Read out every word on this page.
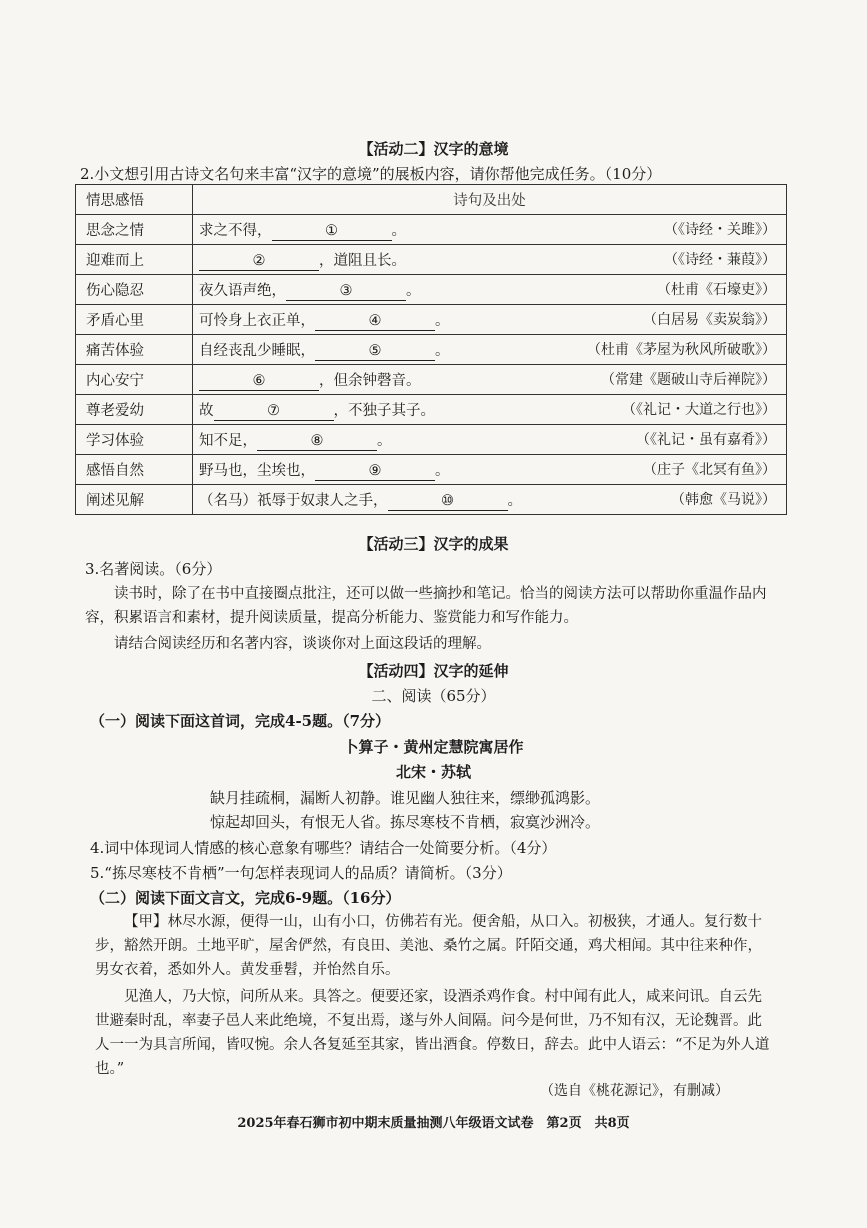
【活动二】汉字的意境
2.小文想引用古诗文名句来丰富“汉字的意境”的展板内容，请你帮他完成任务。（10分）
情思感悟	诗句及出处
思念之情	求之不得， ① 。 （《诗经・关雎》）

迎难而上	② ，道阻且长。 （《诗经・蒹葭》）

伤心隐忍	夜久语声绝， ③ 。 （杜甫《石壕吏》）

矛盾心里	可怜身上衣正单， ④ 。 （白居易《卖炭翁》）

痛苦体验	自经丧乱少睡眠， ⑤ 。 （杜甫《茅屋为秋风所破歌》）

内心安宁	⑥ ，但余钟磬音。 （常建《题破山寺后禅院》）

尊老爱幼	故 ⑦ ，不独子其子。 （《礼记・大道之行也》）

学习体验	知不足， ⑧ 。 （《礼记・虽有嘉肴》）

感悟自然	野马也，尘埃也， ⑨ 。 （庄子《北冥有鱼》）

阐述见解	（名马）祇辱于奴隶人之手， ⑩ 。 （韩愈《马说》）
【活动三】汉字的成果
3.名著阅读。（6分）
读书时，除了在书中直接圈点批注，还可以做一些摘抄和笔记。恰当的阅读方法可以帮助你重温作品内容，积累语言和素材，提升阅读质量，提高分析能力、鉴赏能力和写作能力。
请结合阅读经历和名著内容，谈谈你对上面这段话的理解。
【活动四】汉字的延伸
二、阅读（65分）
（一）阅读下面这首词，完成4-5题。（7分）
卜算子・黄州定慧院寓居作
北宋・苏轼
缺月挂疏桐，漏断人初静。谁见幽人独往来，缥缈孤鸿影。
惊起却回头，有恨无人省。拣尽寒枝不肯栖，寂寞沙洲冷。
4.词中体现词人情感的核心意象有哪些？请结合一处简要分析。（4分）
5.“拣尽寒枝不肯栖”一句怎样表现词人的品质？请简析。（3分）
（二）阅读下面文言文，完成6-9题。（16分）
【甲】林尽水源，便得一山，山有小口，仿佛若有光。便舍船，从口入。初极狭，才通人。复行数十步，豁然开朗。土地平旷，屋舍俨然，有良田、美池、桑竹之属。阡陌交通，鸡犬相闻。其中往来种作，男女衣着，悉如外人。黄发垂髫，并怡然自乐。
见渔人，乃大惊，问所从来。具答之。便要还家，设酒杀鸡作食。村中闻有此人，咸来问讯。自云先世避秦时乱，率妻子邑人来此绝境，不复出焉，遂与外人间隔。问今是何世，乃不知有汉，无论魏晋。此人一一为具言所闻，皆叹惋。余人各复延至其家，皆出酒食。停数日，辞去。此中人语云：“不足为外人道也。”
（选自《桃花源记》，有删减）
2025年春石狮市初中期末质量抽测八年级语文试卷　第2页　共8页
